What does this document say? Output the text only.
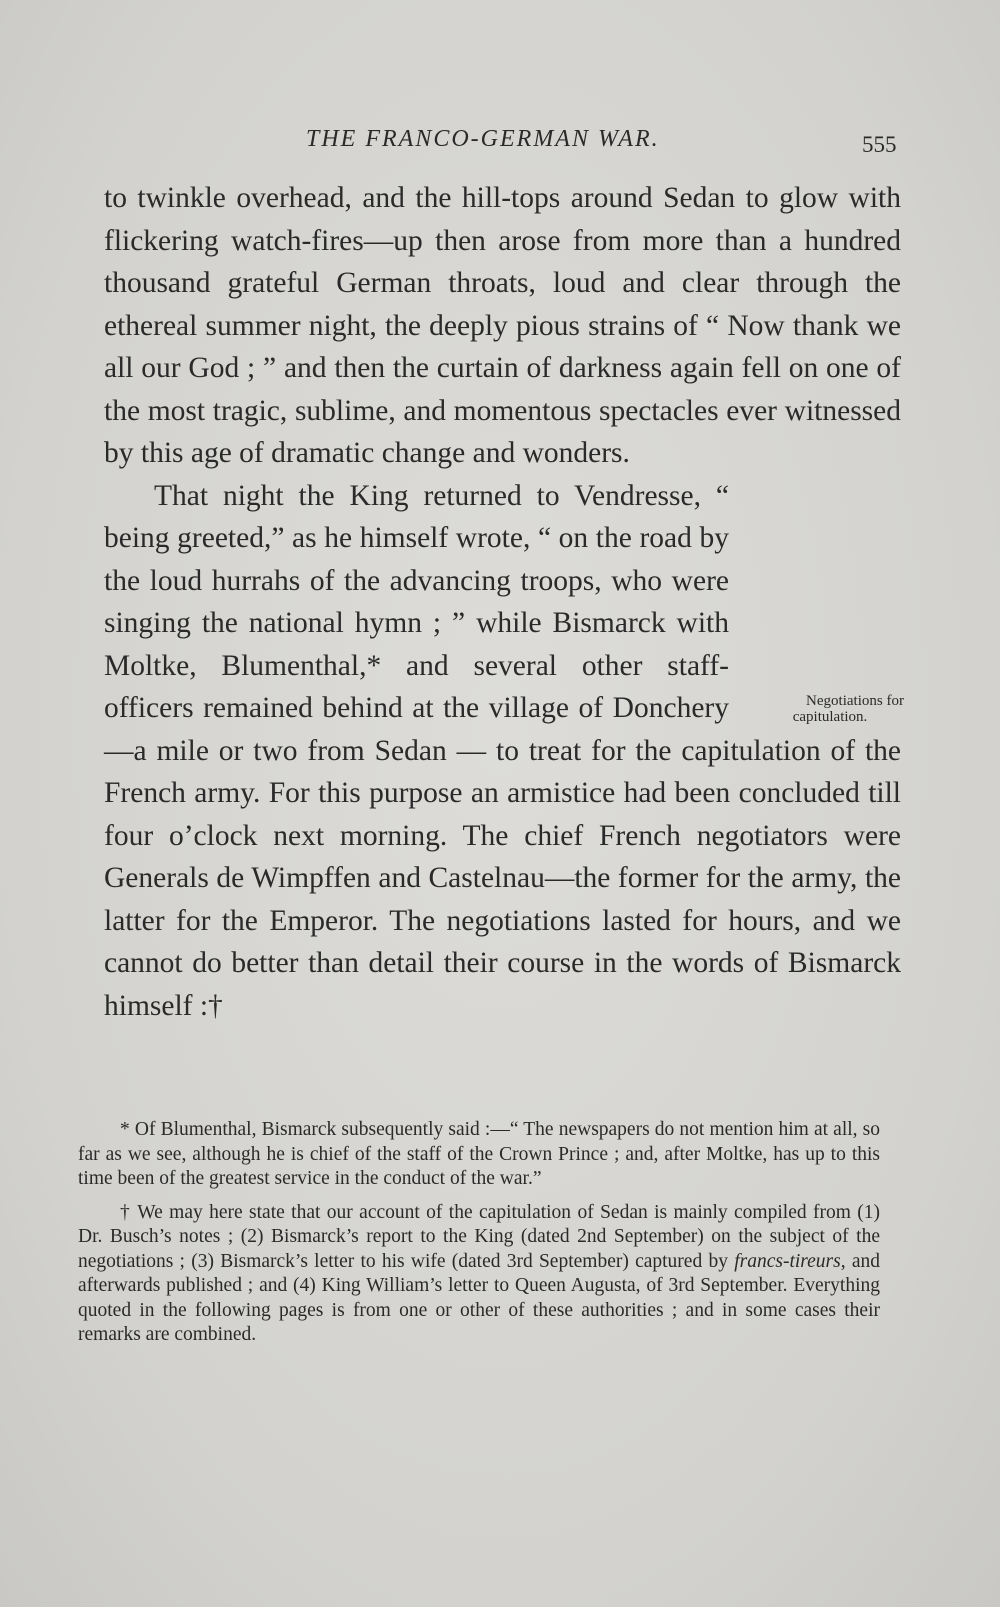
THE FRANCO-GERMAN WAR.	555

to twinkle overhead, and the hill-tops around Sedan to glow with flickering watch-fires—up then arose from more than a hundred thousand grateful German throats, loud and clear through the ethereal summer night, the deeply pious strains of “ Now thank we all our God ; ” and then the curtain of darkness again fell on one of the most tragic, sublime, and momentous spectacles ever witnessed by this age of dramatic change and wonders.

Negotiations for capitulation.
That night the King returned to Vendresse, “ being greeted,” as he himself wrote, “ on the road by the loud hurrahs of the advancing troops, who were singing the national hymn ; ” while Bismarck with Moltke, Blumenthal,* and several other staff-officers remained behind at the village of Donchery—a mile or two from Sedan — to treat for the capitulation of the French army. For this purpose an armistice had been concluded till four o’clock next morning. The chief French negotiators were Generals de Wimpffen and Castelnau—the former for the army, the latter for the Emperor. The negotiations lasted for hours, and we cannot do better than detail their course in the words of Bismarck himself :†

* Of Blumenthal, Bismarck subsequently said :—“ The newspapers do not mention him at all, so far as we see, although he is chief of the staff of the Crown Prince ; and, after Moltke, has up to this time been of the greatest service in the conduct of the war.”

† We may here state that our account of the capitulation of Sedan is mainly compiled from (1) Dr. Busch’s notes ; (2) Bismarck’s report to the King (dated 2nd September) on the subject of the negotiations ; (3) Bismarck’s letter to his wife (dated 3rd September) captured by francs-tireurs, and afterwards published ; and (4) King William’s letter to Queen Augusta, of 3rd September. Everything quoted in the following pages is from one or other of these authorities ; and in some cases their remarks are combined.
